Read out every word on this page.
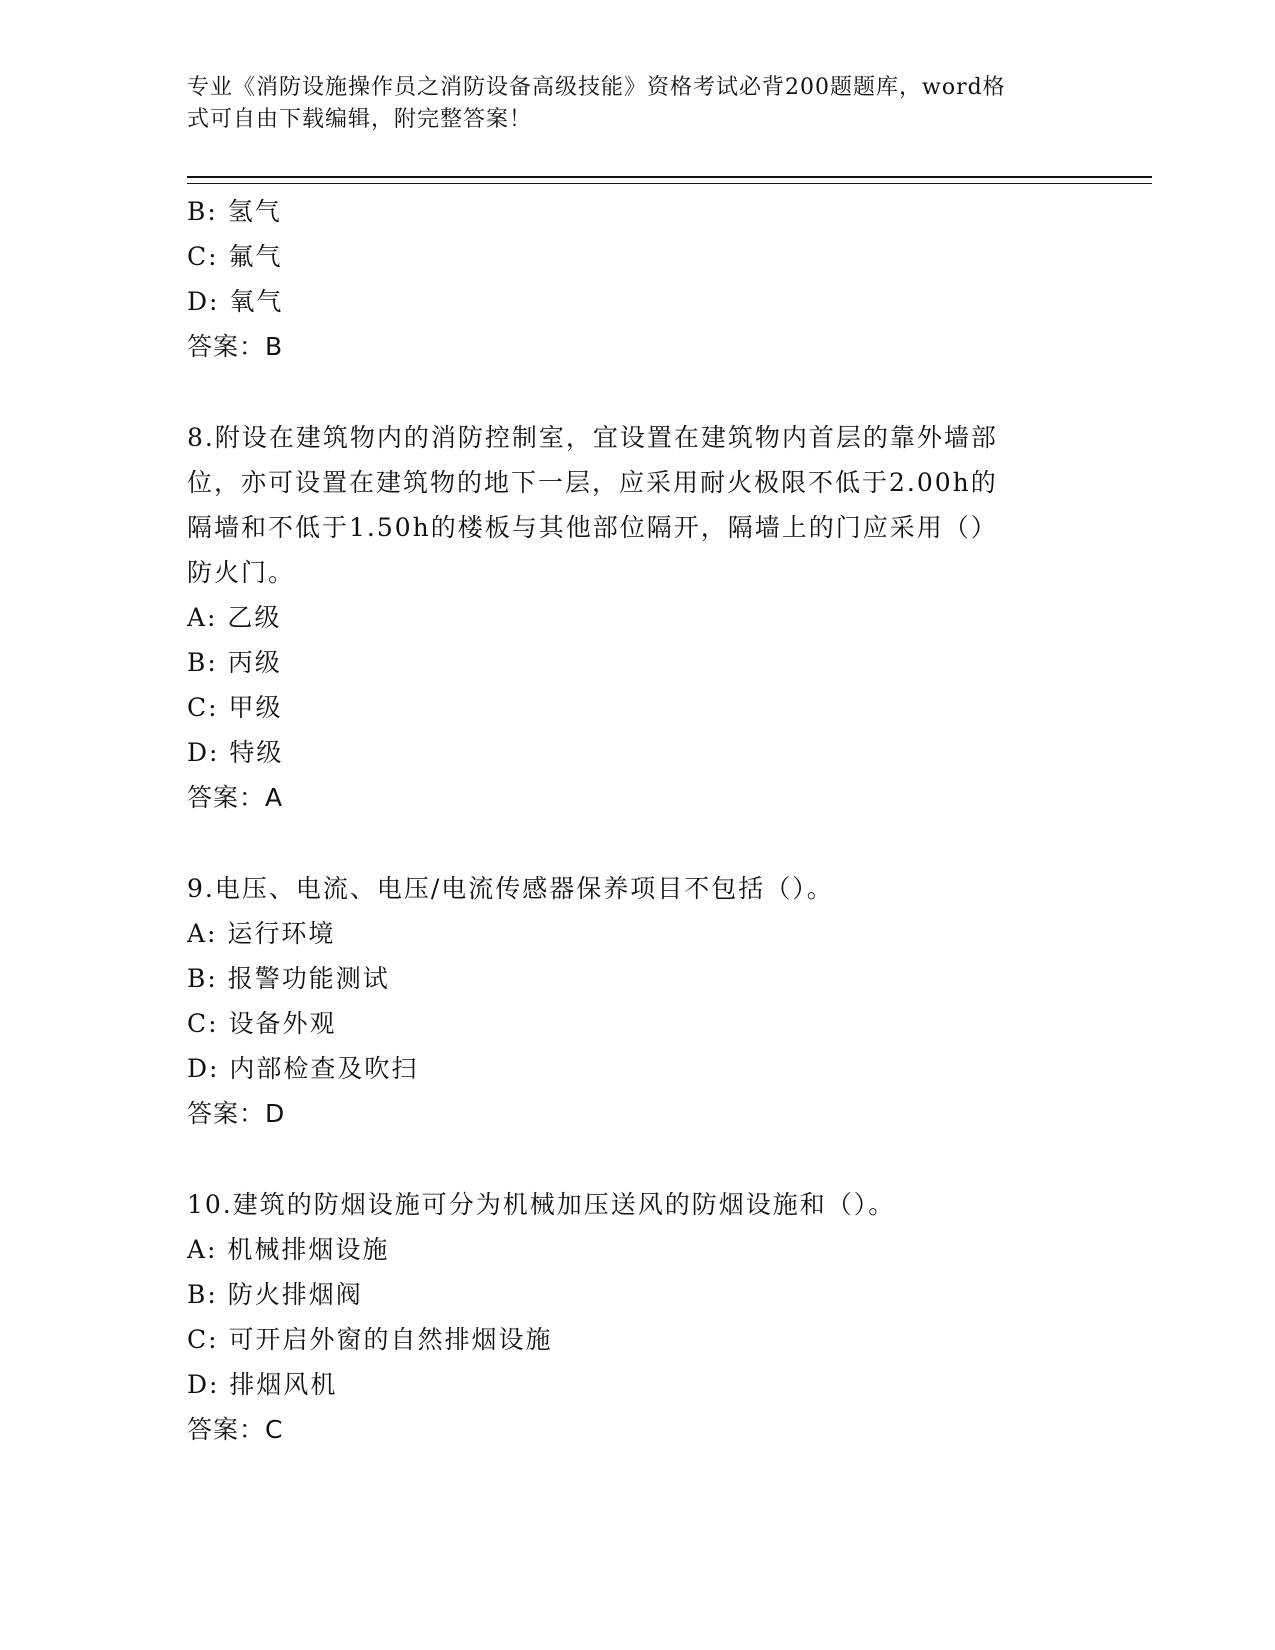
专业《消防设施操作员之消防设备高级技能》资格考试必背200题题库，word格
式可自由下载编辑，附完整答案！
B: 氢气
C: 氟气
D: 氧气
答案：B
8.附设在建筑物内的消防控制室，宜设置在建筑物内首层的靠外墙部
位，亦可设置在建筑物的地下一层，应采用耐火极限不低于2.00h的
隔墙和不低于1.50h的楼板与其他部位隔开，隔墙上的门应采用（）
防火门。
A: 乙级
B: 丙级
C: 甲级
D: 特级
答案：A
9.电压、电流、电压/电流传感器保养项目不包括（）。
A: 运行环境
B: 报警功能测试
C: 设备外观
D: 内部检查及吹扫
答案：D
10.建筑的防烟设施可分为机械加压送风的防烟设施和（）。
A: 机械排烟设施
B: 防火排烟阀
C: 可开启外窗的自然排烟设施
D: 排烟风机
答案：C
